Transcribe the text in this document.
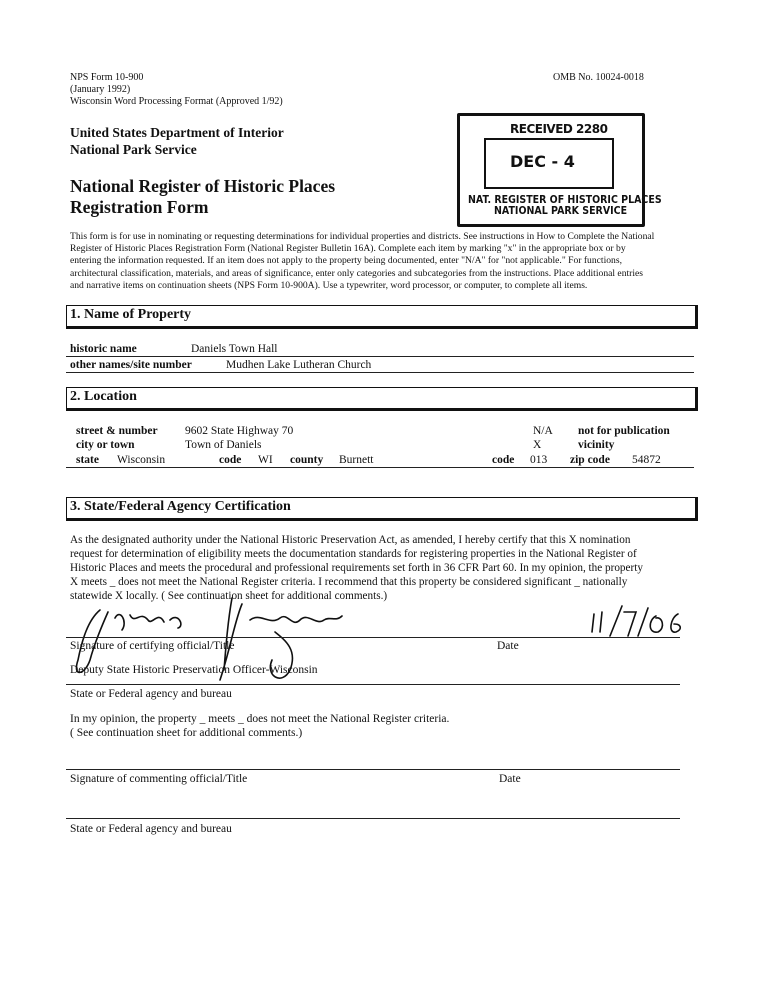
NPS Form 10-900
(January 1992)
Wisconsin Word Processing Format (Approved 1/92)
OMB No. 10024-0018
United States Department of Interior
National Park Service
National Register of Historic Places
Registration Form
RECEIVED 2280
DEC - 4
NAT. REGISTER OF HISTORIC PLACES
NATIONAL PARK SERVICE
This form is for use in nominating or requesting determinations for individual properties and districts. See instructions in How to Complete the National
Register of Historic Places Registration Form (National Register Bulletin 16A). Complete each item by marking "x" in the appropriate box or by
entering the information requested. If an item does not apply to the property being documented, enter "N/A" for "not applicable." For functions,
architectural classification, materials, and areas of significance, enter only categories and subcategories from the instructions. Place additional entries
and narrative items on continuation sheets (NPS Form 10-900A). Use a typewriter, word processor, or computer, to complete all items.
1. Name of Property
historic name	Daniels Town Hall
other names/site number	Mudhen Lake Lutheran Church
2. Location
street & number 9602 State Highway 70	N/A not for publication
city or town	Town of Daniels	X	vicinity
state Wisconsin	code WI county Burnett	code 013 zip code 54872
3. State/Federal Agency Certification
As the designated authority under the National Historic Preservation Act, as amended, I hereby certify that this X nomination
request for determination of eligibility meets the documentation standards for registering properties in the National Register of
Historic Places and meets the procedural and professional requirements set forth in 36 CFR Part 60. In my opinion, the property
X meets _ does not meet the National Register criteria. I recommend that this property be considered significant _ nationally
statewide X locally. ( See continuation sheet for additional comments.)
Signature of certifying official/Title	Date
Deputy State Historic Preservation Officer-Wisconsin
State or Federal agency and bureau
In my opinion, the property _ meets _ does not meet the National Register criteria.
( See continuation sheet for additional comments.)
Signature of commenting official/Title	Date
State or Federal agency and bureau
